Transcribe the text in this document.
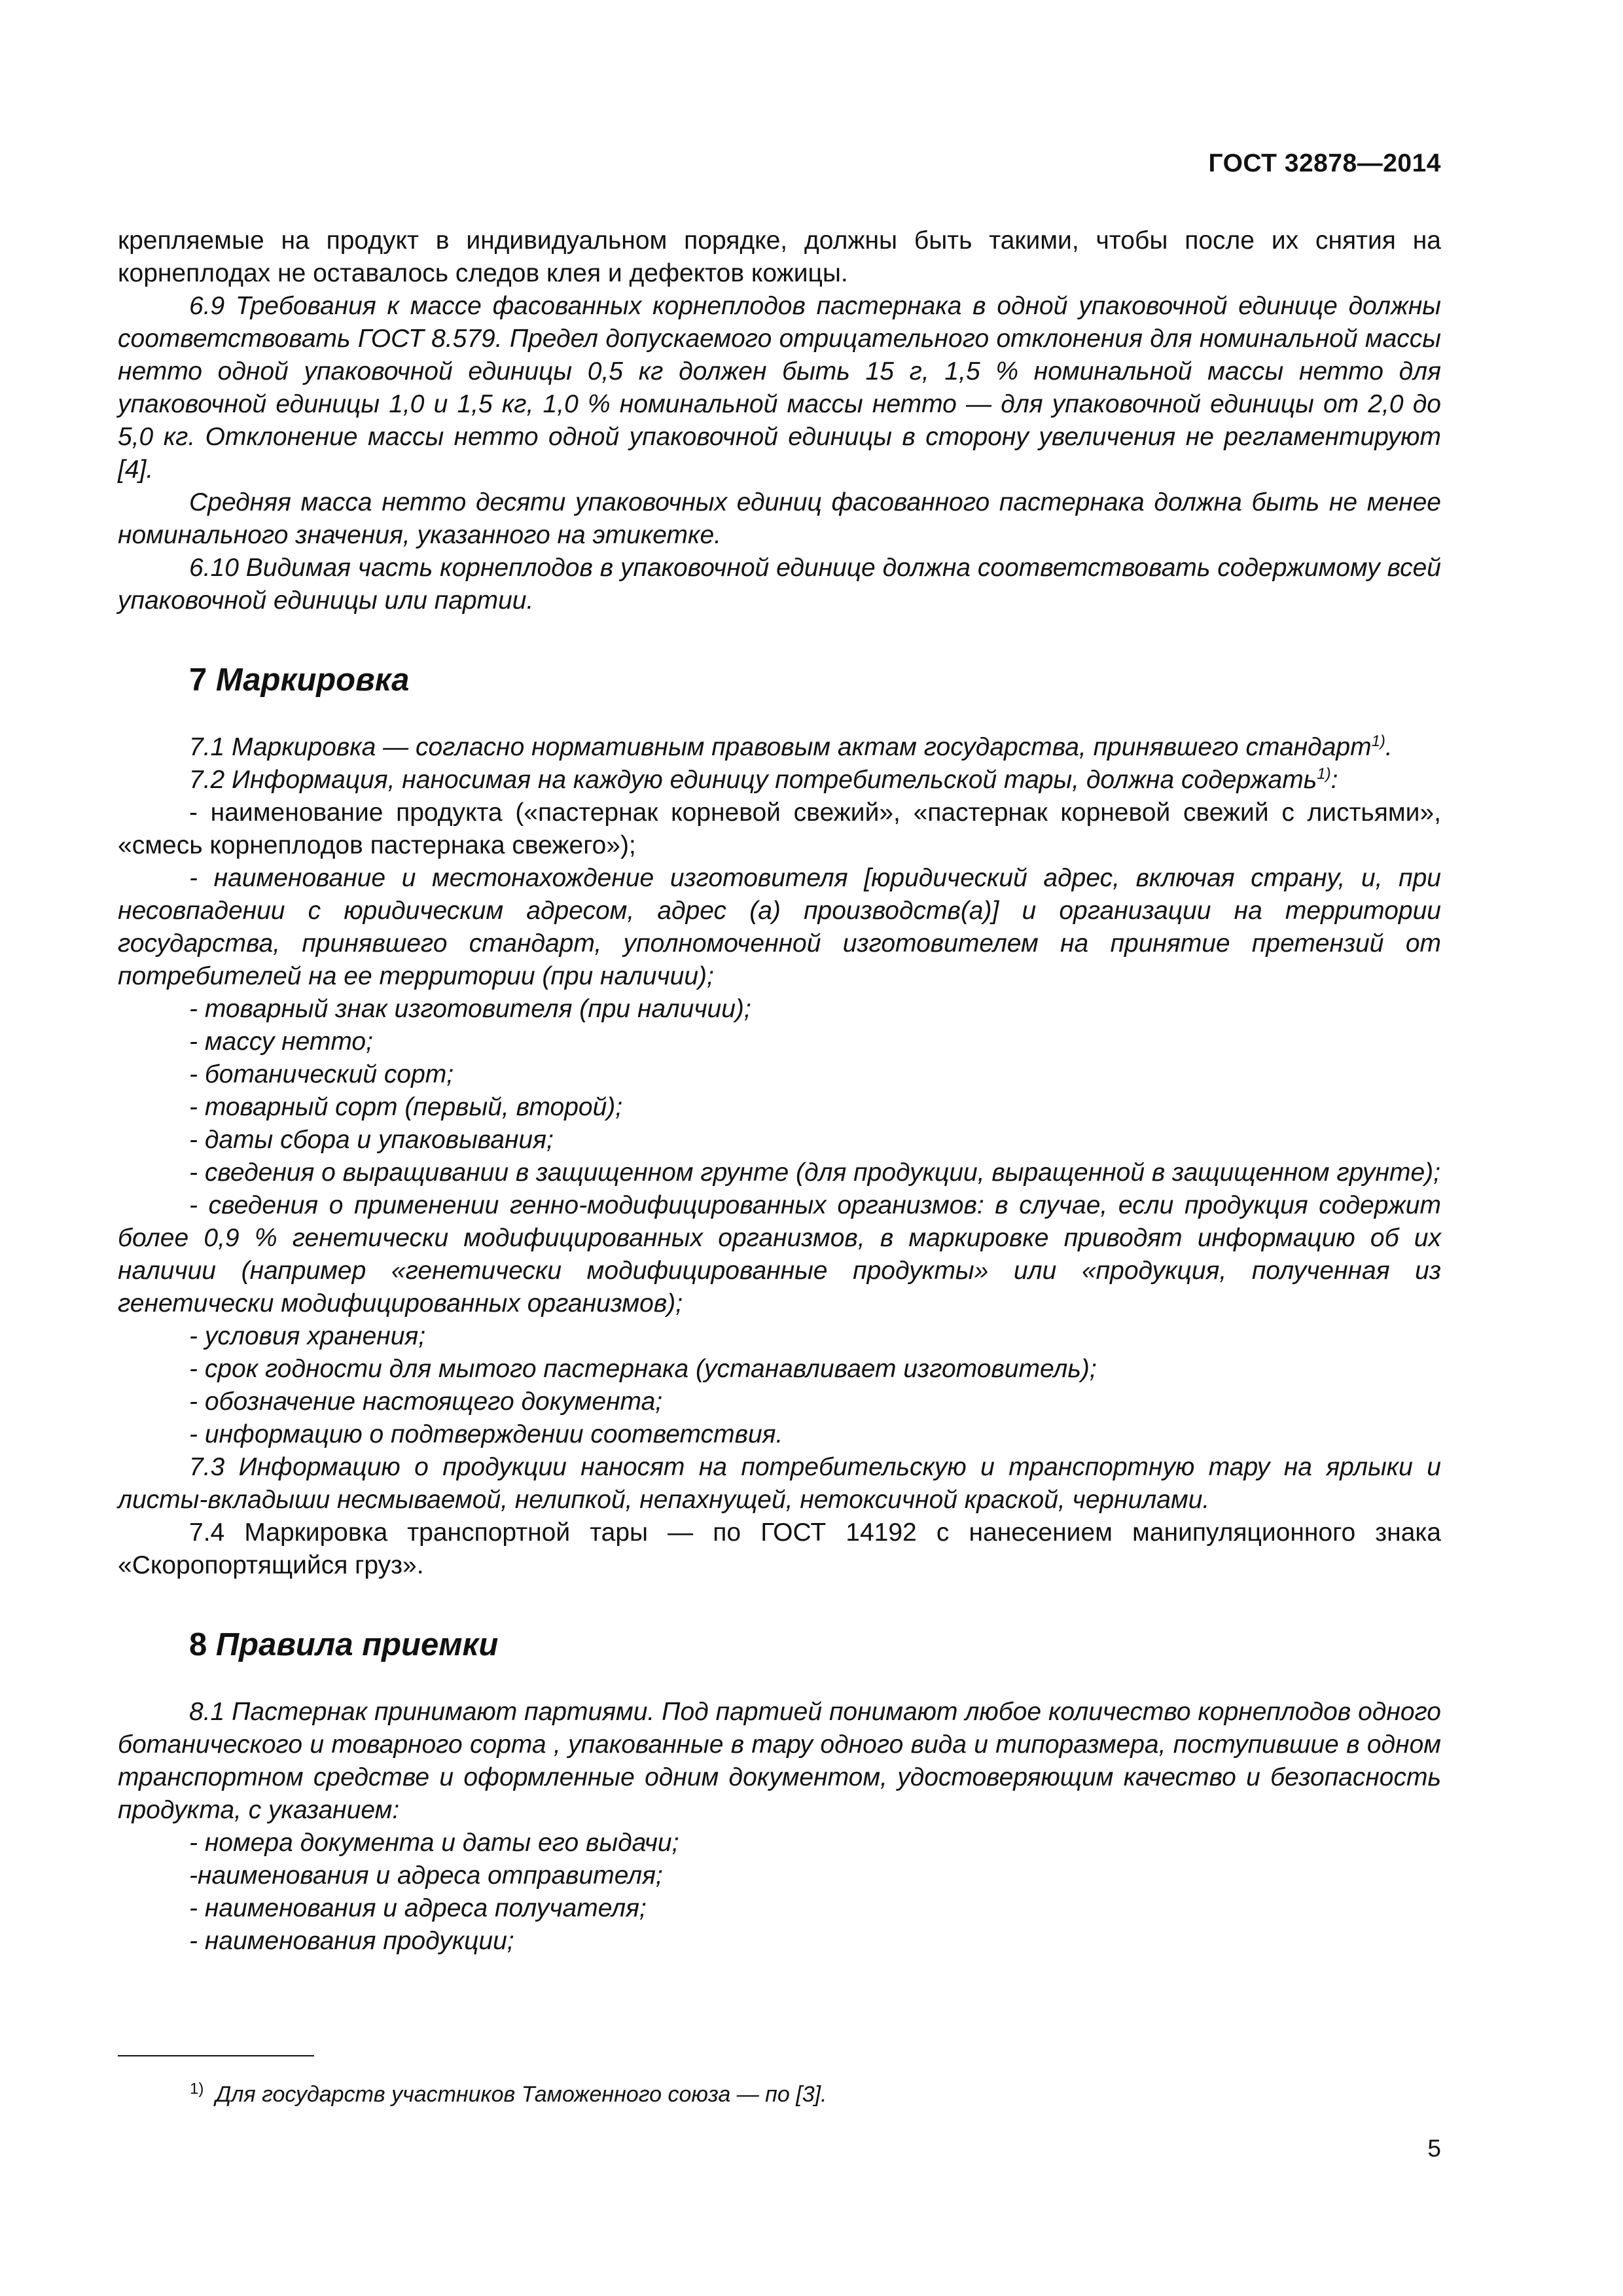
ГОСТ 32878—2014

крепляемые на продукт в индивидуальном порядке, должны быть такими, чтобы после их снятия на корнеплодах не оставалось следов клея и дефектов кожицы.

6.9 Требования к массе фасованных корнеплодов пастернака в одной упаковочной единице должны соответствовать ГОСТ 8.579. Предел допускаемого отрицательного отклонения для номинальной массы нетто одной упаковочной единицы 0,5 кг должен быть 15 г, 1,5 % номинальной массы нетто для упаковочной единицы 1,0 и 1,5 кг, 1,0 % номинальной массы нетто — для упаковочной единицы от 2,0 до 5,0 кг. Отклонение массы нетто одной упаковочной единицы в сторону увеличения не регламентируют [4].

Средняя масса нетто десяти упаковочных единиц фасованного пастернака должна быть не менее номинального значения, указанного на этикетке.

6.10 Видимая часть корнеплодов в упаковочной единице должна соответствовать содержимому всей упаковочной единицы или партии.

7 Маркировка

7.1 Маркировка — согласно нормативным правовым актам государства, принявшего стандарт$^{1)}$.

7.2 Информация, наносимая на каждую единицу потребительской тары, должна содержать$^{1)}$:

- наименование продукта («пастернак корневой свежий», «пастернак корневой свежий с листьями», «смесь корнеплодов пастернака свежего»);

- наименование и местонахождение изготовителя [юридический адрес, включая страну, и, при несовпадении с юридическим адресом, адрес (а) производств(а)] и организации на территории государства, принявшего стандарт, уполномоченной изготовителем на принятие претензий от потребителей на ее территории (при наличии);

- товарный знак изготовителя (при наличии);

- массу нетто;

- ботанический сорт;

- товарный сорт (первый, второй);

- даты сбора и упаковывания;

- сведения о выращивании в защищенном грунте (для продукции, выращенной в защищенном грунте);

- сведения о применении генно-модифицированных организмов: в случае, если продукция содержит более 0,9 % генетически модифицированных организмов, в маркировке приводят информацию об их наличии (например «генетически модифицированные продукты» или «продукция, полученная из генетически модифицированных организмов);

- условия хранения;

- срок годности для мытого пастернака (устанавливает изготовитель);

- обозначение настоящего документа;

- информацию о подтверждении соответствия.

7.3 Информацию о продукции наносят на потребительскую и транспортную тару на ярлыки и листы-вкладыши несмываемой, нелипкой, непахнущей, нетоксичной краской, чернилами.

7.4 Маркировка транспортной тары — по ГОСТ 14192 с нанесением манипуляционного знака «Скоропортящийся груз».

8 Правила приемки

8.1 Пастернак принимают партиями. Под партией понимают любое количество корнеплодов одного ботанического и товарного сорта , упакованные в тару одного вида и типоразмера, поступившие в одном транспортном средстве и оформленные одним документом, удостоверяющим качество и безопасность продукта, с указанием:

- номера документа и даты его выдачи;

-наименования и адреса отправителя;

- наименования и адреса получателя;

- наименования продукции;

$^{1)}$ Для государств участников Таможенного союза — по [3].
5
